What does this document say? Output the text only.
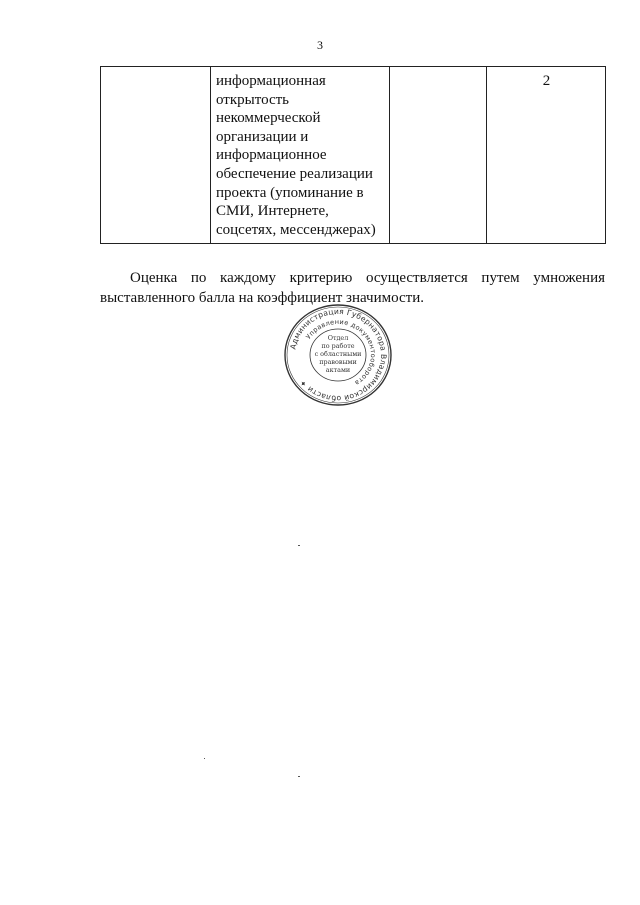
3
	информационная
открытость
некоммерческой
организации и
информационное
обеспечение реализации
проекта (упоминание в
СМИ, Интернете,
соцсетях, мессенджерах)		2

Оценка по каждому критерию осуществляется путем умножения выставленного балла на коэффициент значимости.

Администрация Губернатора Владимирской области ✦
Управление документооборота
Отдел
по работе
с областными
правовыми
актами
